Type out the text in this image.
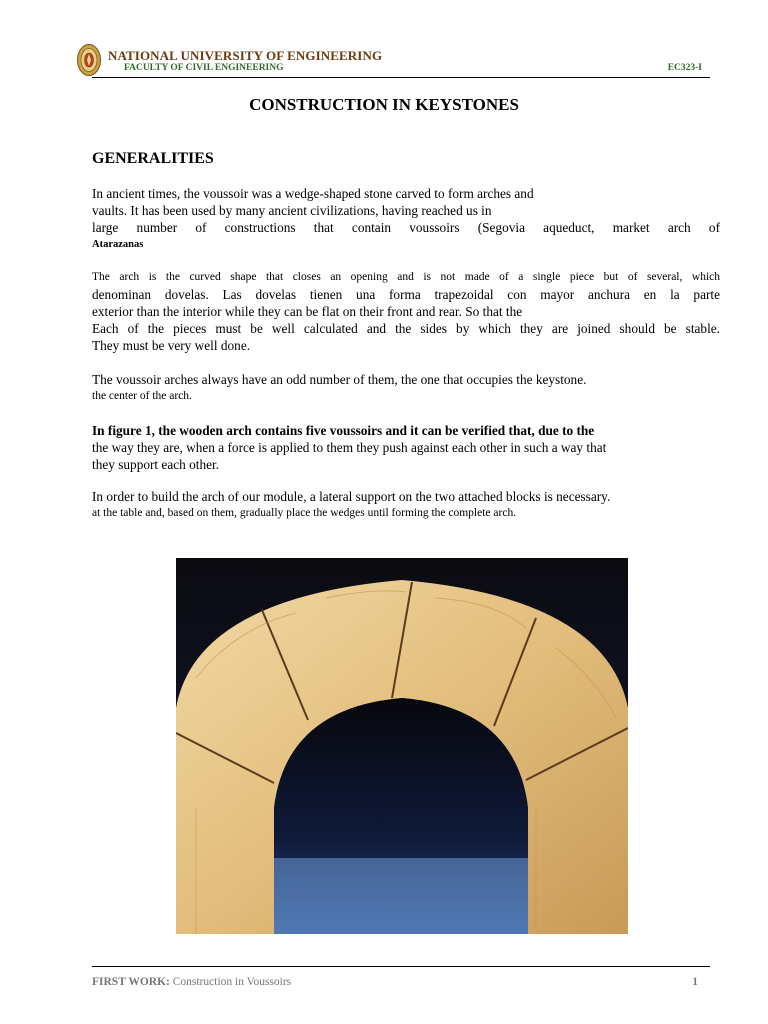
NATIONAL UNIVERSITY OF ENGINEERING
FACULTY OF CIVIL ENGINEERING	EC323-I
CONSTRUCTION IN KEYSTONES
GENERALITIES
In ancient times, the voussoir was a wedge-shaped stone carved to form arches and
vaults. It has been used by many ancient civilizations, having reached us in
large number of constructions that contain voussoirs (Segovia aqueduct, market arch of
Atarazanas
The arch is the curved shape that closes an opening and is not made of a single piece but of several, which
denominan dovelas. Las dovelas tienen una forma trapezoidal con mayor anchura en la parte
exterior than the interior while they can be flat on their front and rear. So that the
Each of the pieces must be well calculated and the sides by which they are joined should be stable.
They must be very well done.
The voussoir arches always have an odd number of them, the one that occupies the keystone.
the center of the arch.
In figure 1, the wooden arch contains five voussoirs and it can be verified that, due to the
the way they are, when a force is applied to them they push against each other in such a way that
they support each other.
In order to build the arch of our module, a lateral support on the two attached blocks is necessary.
at the table and, based on them, gradually place the wedges until forming the complete arch.
FIRST WORK: Construction in Voussoirs	1
